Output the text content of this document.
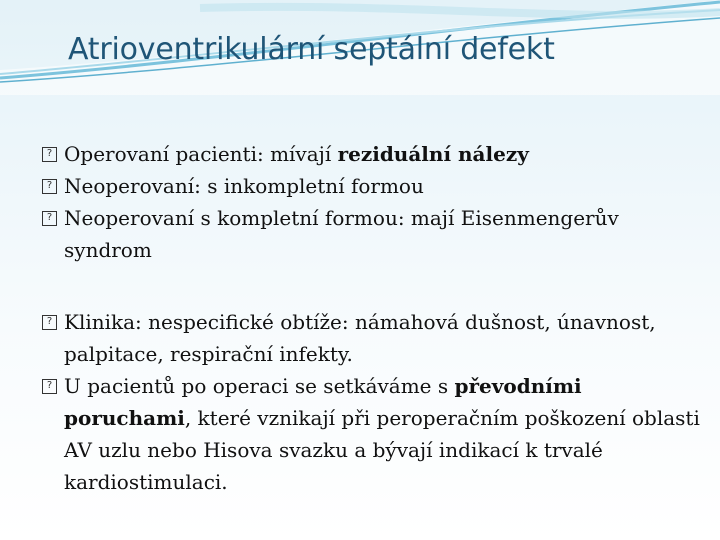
Atrioventrikulární septální defekt
? Operovaní pacienti: mívají reziduální nálezy
? Neoperovaní: s inkompletní formou
? Neoperovaní s kompletní formou: mají Eisenmengerův syndrom
? Klinika: nespecifické obtíže: námahová dušnost, únavnost, palpitace, respirační infekty.
? U pacientů po operaci se setkáváme s převodními poruchami, které vznikají při peroperačním poškození oblasti AV uzlu nebo Hisova svazku a bývají indikací k trvalé kardiostimulaci.
